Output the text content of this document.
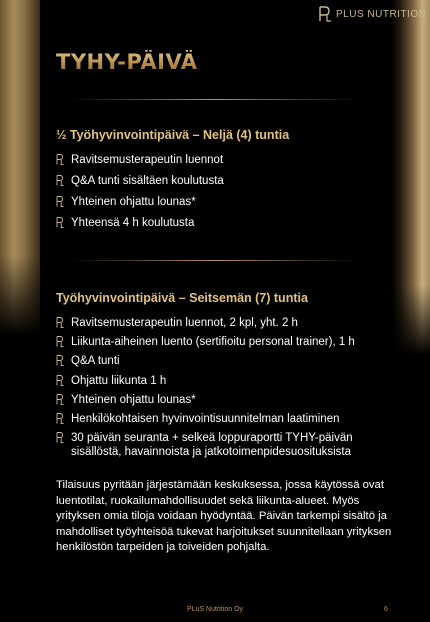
PLUS NUTRITION
TYHY-PÄIVÄ
½ Työhyvinvointipäivä – Neljä (4) tuntia
Ravitsemusterapeutin luennot
Q&A tunti sisältäen koulutusta
Yhteinen ohjattu lounas*
Yhteensä 4 h koulutusta
Työhyvinvointipäivä – Seitsemän (7) tuntia
Ravitsemusterapeutin luennot, 2 kpl, yht. 2 h
Liikunta-aiheinen luento (sertifioitu personal trainer), 1 h
Q&A tunti
Ohjattu liikunta 1 h
Yhteinen ohjattu lounas*
Henkilökohtaisen hyvinvointisuunnitelman laatiminen
30 päivän seuranta + selkeä loppuraportti TYHY-päivän sisällöstä, havainnoista ja jatkotoimenpidesuosituksista
Tilaisuus pyritään järjestämään keskuksessa, jossa käytössä ovat luentotilat, ruokailumahdollisuudet sekä liikunta-alueet. Myös yrityksen omia tiloja voidaan hyödyntää. Päivän tarkempi sisältö ja mahdolliset työyhteisöä tukevat harjoitukset suunnitellaan yrityksen henkilöstön tarpeiden ja toiveiden pohjalta.
PLuS Nutrition Oy	6
